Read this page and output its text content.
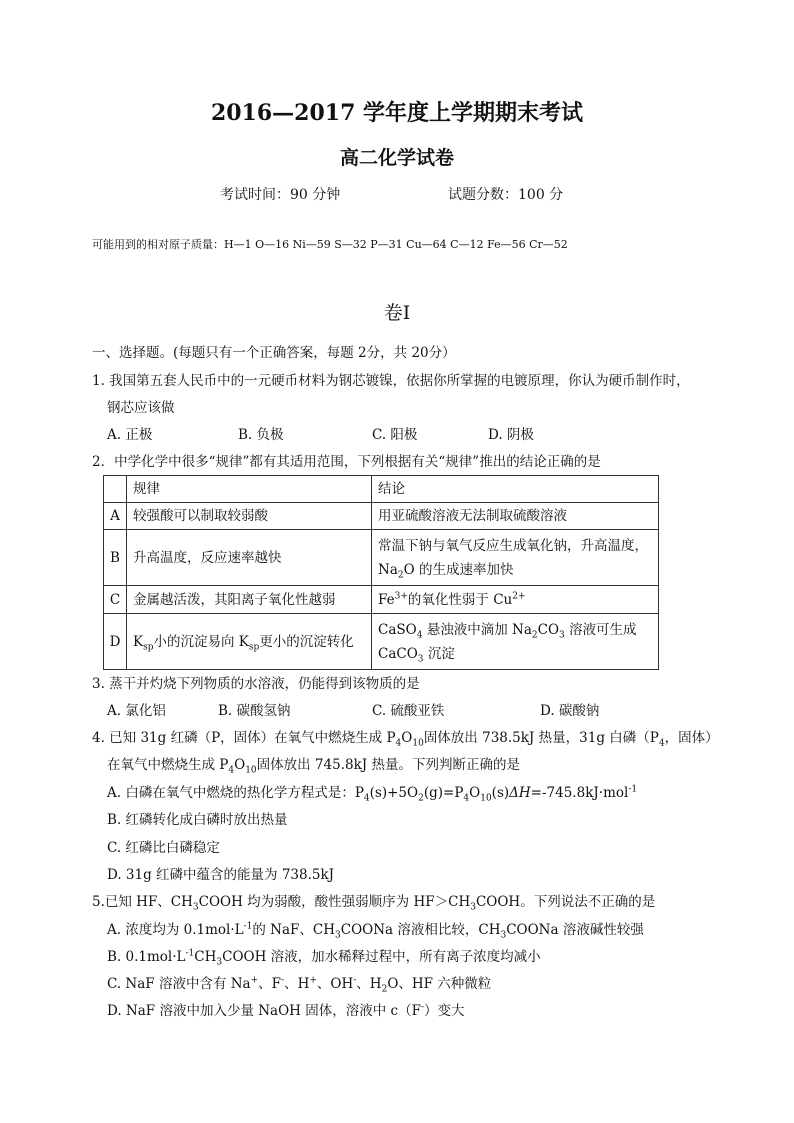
2016—2017 学年度上学期期末考试
高二化学试卷
考试时间：90 分钟	试题分数：100 分
可能用到的相对原子质量：H—1 O—16 Ni—59 S—32 P—31 Cu—64 C—12 Fe—56 Cr—52
卷Ⅰ
一、选择题。(每题只有一个正确答案，每题 2分，共 20分）
1. 我国第五套人民币中的一元硬币材料为钢芯镀镍，依据你所掌握的电镀原理，你认为硬币制作时，
钢芯应该做
A. 正极	B. 负极	C. 阳极	D. 阴极
2．中学化学中很多“规律”都有其适用范围，下列根据有关“规律”推出的结论正确的是
	规律	结论
A	较强酸可以制取较弱酸	用亚硫酸溶液无法制取硫酸溶液
B	升高温度，反应速率越快	常温下钠与氧气反应生成氧化钠，升高温度，
$Na_2O$ 的生成速率加快

C	金属越活泼，其阳离子氧化性越弱	$Fe^{3+}$的氧化性弱于 $Cu^{2+}$
D	$K_{sp}$小的沉淀易向 $K_{sp}$更小的沉淀转化	CaSO$_4$ 悬浊液中滴加 $Na_2CO_3$ 溶液可生成
CaCO$_3$ 沉淀
3. 蒸干并灼烧下列物质的水溶液，仍能得到该物质的是
A. 氯化铝	B. 碳酸氢钠	C. 硫酸亚铁	D. 碳酸钠
4. 已知 31g 红磷（P，固体）在氧气中燃烧生成 $P_4O_{10}$固体放出 738.5kJ 热量，31g 白磷（$P_4$，固体）
在氧气中燃烧生成 $P_4O_{10}$固体放出 745.8kJ 热量。下列判断正确的是
A. 白磷在氧气中燃烧的热化学方程式是：$P_4(s)+5O_2(g)=P_4O_{10}(s)\Delta H=-745.8kJ\cdot mol^{-1}$
B. 红磷转化成白磷时放出热量
C. 红磷比白磷稳定
D. 31g 红磷中蕴含的能量为 738.5kJ
5.已知 HF、$CH_3COOH$ 均为弱酸，酸性强弱顺序为 $HF>CH_3COOH$。下列说法不正确的是
A. 浓度均为 $0.1mol\cdot L^{-1}$的 NaF、$CH_3COONa$ 溶液相比较，$CH_3COONa$ 溶液碱性较强
B. $0.1mol\cdot L^{-1}CH_3COOH$ 溶液，加水稀释过程中，所有离子浓度均减小
C. NaF 溶液中含有 Na+、F-、H+、OH-、$H_2O$、HF 六种微粒
D. NaF 溶液中加入少量 NaOH 固体，溶液中 c（F-）变大
